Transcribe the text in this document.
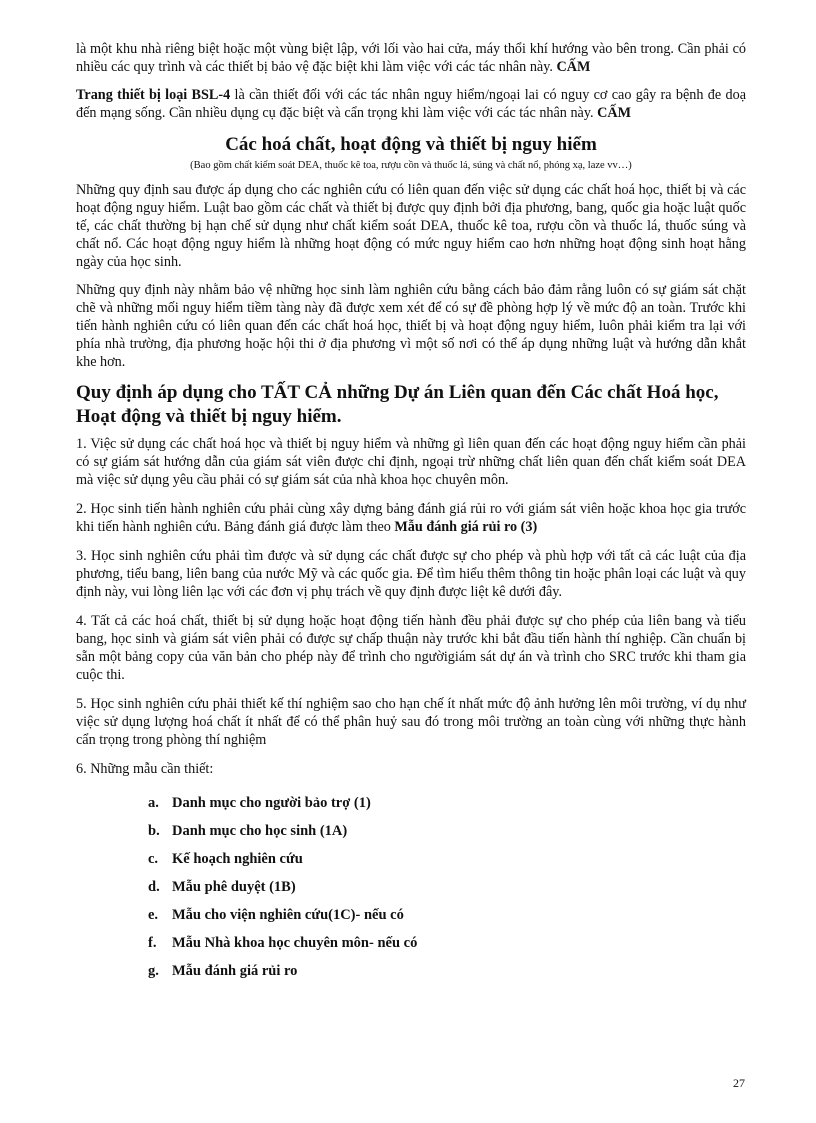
là một khu nhà riêng biệt hoặc một vùng biệt lập, với lối vào hai cửa, máy thổi khí hướng vào bên trong. Cần phải có nhiều các quy trình và các thiết bị bảo vệ đặc biệt khi làm việc với các tác nhân này. CẤM

Trang thiết bị loại BSL-4 là cần thiết đối với các tác nhân nguy hiểm/ngoại lai có nguy cơ cao gây ra bệnh đe doạ đến mạng sống. Cần nhiều dụng cụ đặc biệt và cẩn trọng khi làm việc với các tác nhân này. CẤM

Các hoá chất, hoạt động và thiết bị nguy hiểm
(Bao gồm chất kiểm soát DEA, thuốc kê toa, rượu cồn và thuốc lá, súng và chất nổ, phóng xạ, laze vv…)

Những quy định sau được áp dụng cho các nghiên cứu có liên quan đến việc sử dụng các chất hoá học, thiết bị và các hoạt động nguy hiểm. Luật bao gồm các chất và thiết bị được quy định bởi địa phương, bang, quốc gia hoặc luật quốc tế, các chất thường bị hạn chế sử dụng như chất kiểm soát DEA, thuốc kê toa, rượu cồn và thuốc lá, thuốc súng và chất nổ. Các hoạt động nguy hiểm là những hoạt động có mức nguy hiểm cao hơn những hoạt động sinh hoạt hằng ngày của học sinh.

Những quy định này nhằm bảo vệ những học sinh làm nghiên cứu bằng cách bảo đảm rằng luôn có sự giám sát chặt chẽ và những mối nguy hiểm tiềm tàng này đã được xem xét để có sự đề phòng hợp lý về mức độ an toàn. Trước khi tiến hành nghiên cứu có liên quan đến các chất hoá học, thiết bị và hoạt động nguy hiểm, luôn phải kiểm tra lại với phía nhà trường, địa phương hoặc hội thi ở địa phương vì một số nơi có thể áp dụng những luật và hướng dẫn khắt khe hơn.

Quy định áp dụng cho TẤT CẢ những Dự án Liên quan đến Các chất Hoá học, Hoạt động và thiết bị nguy hiểm.

1. Việc sử dụng các chất hoá học và thiết bị nguy hiểm và những gì liên quan đến các hoạt động nguy hiểm cần phải có sự giám sát hướng dẫn của giám sát viên được chỉ định, ngoại trừ những chất liên quan đến chất kiểm soát DEA mà việc sử dụng yêu cầu phải có sự giám sát của nhà khoa học chuyên môn.

2. Học sinh tiến hành nghiên cứu phải cùng xây dựng bảng đánh giá rủi ro với giám sát viên hoặc khoa học gia trước khi tiến hành nghiên cứu. Bảng đánh giá được làm theo Mẫu đánh giá rủi ro (3)

3. Học sinh nghiên cứu phải tìm được và sử dụng các chất được sự cho phép và phù hợp với tất cả các luật của địa phương, tiểu bang, liên bang của nước Mỹ và các quốc gia. Để tìm hiểu thêm thông tin hoặc phân loại các luật và quy định này, vui lòng liên lạc với các đơn vị phụ trách về quy định được liệt kê dưới đây.

4. Tất cả các hoá chất, thiết bị sử dụng hoặc hoạt động tiến hành đều phải được sự cho phép của liên bang và tiểu bang, học sinh và giám sát viên phải có được sự chấp thuận này trước khi bắt đầu tiến hành thí nghiệp. Cần chuẩn bị sẵn một bảng copy của văn bản cho phép này để trình cho ngườigiám sát dự án và trình cho SRC trước khi tham gia cuộc thi.

5. Học sinh nghiên cứu phải thiết kế thí nghiệm sao cho hạn chế ít nhất mức độ ảnh hưởng lên môi trường, ví dụ như việc sử dụng lượng hoá chất ít nhất để có thể phân huỷ sau đó trong môi trường an toàn cùng với những thực hành cẩn trọng trong phòng thí nghiệm

6. Những mẫu cần thiết:

a. Danh mục cho người bảo trợ (1)
b. Danh mục cho học sinh (1A)
c. Kế hoạch nghiên cứu
d. Mẫu phê duyệt (1B)
e. Mẫu cho viện nghiên cứu(1C)- nếu có
f.	Mẫu Nhà khoa học chuyên môn- nếu có
g. Mẫu đánh giá rủi ro
27
